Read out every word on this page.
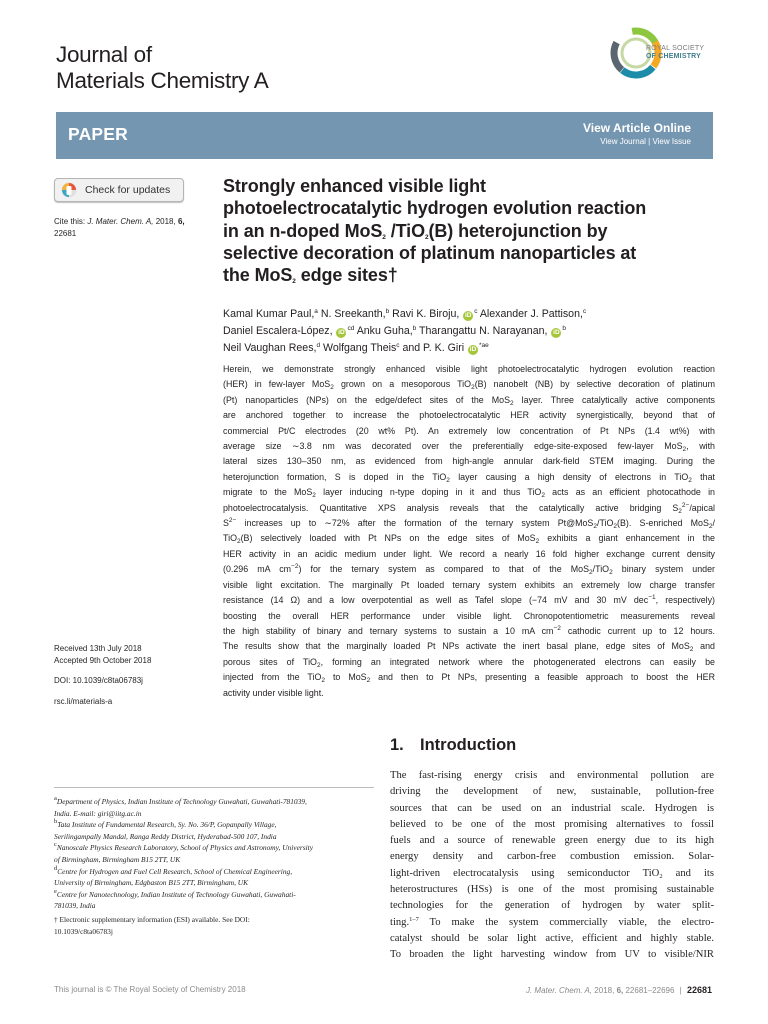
Journal of
Materials Chemistry A
ROYAL SOCIETY
OF CHEMISTRY
PAPER	View Article Online
View Journal | View Issue
Check for updates
Cite this: J. Mater. Chem. A, 2018, 6,
22681
Received 13th July 2018
Accepted 9th October 2018
DOI: 10.1039/c8ta06783j
rsc.li/materials-a
Strongly enhanced visible light
photoelectrocatalytic hydrogen evolution reaction
in an n-doped MoS$_2$ /TiO$_2$(B) heterojunction by
selective decoration of platinum nanoparticles at
the MoS$_2$ edge sites†
Kamal Kumar Paul,$^a$ N. Sreekanth,$^b$ Ravi K. Biroju, $iD^c$ Alexander J. Pattison,$^c$
Daniel Escalera-López, $iD^{cd}$ Anku Guha,$^b$ Tharangattu N. Narayanan, $iD^b$
Neil Vaughan Rees,$^d$ Wolfgang Theis$^c$ and P. K. Giri $iD^{*ae}$
Herein, we demonstrate strongly enhanced visible light photoelectrocatalytic hydrogen evolution reaction
(HER) in few-layer MoS$_2$ grown on a mesoporous TiO$_2$(B) nanobelt (NB) by selective decoration of platinum
(Pt) nanoparticles (NPs) on the edge/defect sites of the MoS$_2$ layer. Three catalytically active components
are anchored together to increase the photoelectrocatalytic HER activity synergistically, beyond that of
commercial Pt/C electrodes (20 wt% Pt). An extremely low concentration of Pt NPs (1.4 wt%) with
average size ∼3.8 nm was decorated over the preferentially edge-site-exposed few-layer MoS$_2$, with
lateral sizes 130–350 nm, as evidenced from high-angle annular dark-field STEM imaging. During the
heterojunction formation, S is doped in the TiO$_2$ layer causing a high density of electrons in TiO$_2$ that
migrate to the MoS$_2$ layer inducing n-type doping in it and thus TiO$_2$ acts as an efficient photocathode in
photoelectrocatalysis. Quantitative XPS analysis reveals that the catalytically active bridging $S_2^{2-}$/apical
$S^{2-}$ increases up to ∼72% after the formation of the ternary system Pt@MoS$_2$/TiO$_2$(B). S-enriched MoS$_2$/
TiO$_2$(B) selectively loaded with Pt NPs on the edge sites of MoS$_2$ exhibits a giant enhancement in the
HER activity in an acidic medium under light. We record a nearly 16 fold higher exchange current density
(0.296 mA $cm^{-2}$) for the ternary system as compared to that of the MoS$_2$/TiO$_2$ binary system under
visible light excitation. The marginally Pt loaded ternary system exhibits an extremely low charge transfer
resistance (14 Ω) and a low overpotential as well as Tafel slope (−74 mV and 30 mV dec$^{-1}$, respectively)
boosting the overall HER performance under visible light. Chronopotentiometric measurements reveal
the high stability of binary and ternary systems to sustain a 10 mA $cm^{-2}$ cathodic current up to 12 hours.
The results show that the marginally loaded Pt NPs activate the inert basal plane, edge sites of MoS$_2$ and
porous sites of TiO$_2$, forming an integrated network where the photogenerated electrons can easily be
injected from the TiO$_2$ to MoS$_2$ and then to Pt NPs, presenting a feasible approach to boost the HER
activity under visible light.
$^a$Department of Physics, Indian Institute of Technology Guwahati, Guwahati-781039,
India. E-mail: giri@iitg.ac.in
$^b$Tata Institute of Fundamental Research, Sy. No. 36/P, Gopanpally Village,
Serilingampally Mandal, Ranga Reddy District, Hyderabad-500 107, India
$^c$Nanoscale Physics Research Laboratory, School of Physics and Astronomy, University
of Birmingham, Birmingham B15 2TT, UK
$^d$Centre for Hydrogen and Fuel Cell Research, School of Chemical Engineering,
University of Birmingham, Edgbaston B15 2TT, Birmingham, UK
$^e$Centre for Nanotechnology, Indian Institute of Technology Guwahati, Guwahati-
781039, India
† Electronic supplementary information (ESI) available. See DOI:
10.1039/c8ta06783j
1. Introduction
The fast-rising energy crisis and environmental pollution are
driving the development of new, sustainable, pollution-free
sources that can be used on an industrial scale. Hydrogen is
believed to be one of the most promising alternatives to fossil
fuels and a source of renewable green energy due to its high
energy density and carbon-free combustion emission. Solar-
light-driven electrocatalysis using semiconductor TiO$_2$ and its
heterostructures (HSs) is one of the most promising sustainable
technologies for the generation of hydrogen by water split-
ting.$^{1-7}$ To make the system commercially viable, the electro-
catalyst should be solar light active, efficient and highly stable.
To broaden the light harvesting window from UV to visible/NIR
This journal is © The Royal Society of Chemistry 2018	J. Mater. Chem. A, 2018, 6, 22681–22696 | 22681
